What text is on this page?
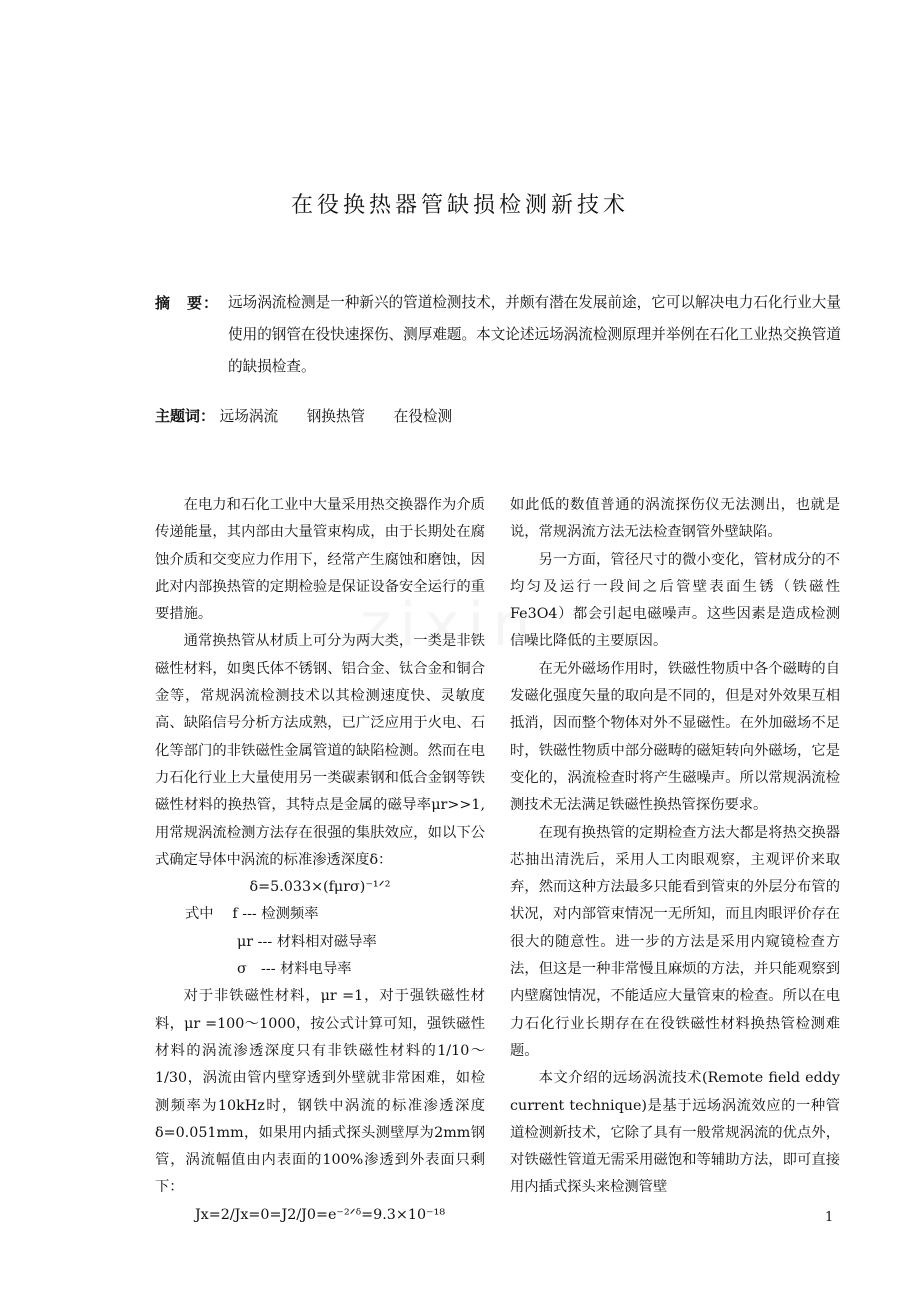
在役换热器管缺损检测新技术
摘　要： 远场涡流检测是一种新兴的管道检测技术，并颇有潜在发展前途，它可以解决电力石化行业大量使用的钢管在役快速探伤、测厚难题。本文论述远场涡流检测原理并举例在石化工业热交换管道的缺损检查。
主题词： 远场涡流 钢换热管 在役检测

在电力和石化工业中大量采用热交换器作为介质传递能量，其内部由大量管束构成，由于长期处在腐蚀介质和交变应力作用下，经常产生腐蚀和磨蚀，因此对内部换热管的定期检验是保证设备安全运行的重要措施。

通常换热管从材质上可分为两大类，一类是非铁磁性材料，如奥氏体不锈钢、铝合金、钛合金和铜合金等，常规涡流检测技术以其检测速度快、灵敏度高、缺陷信号分析方法成熟，已广泛应用于火电、石化等部门的非铁磁性金属管道的缺陷检测。然而在电力石化行业上大量使用另一类碳素钢和低合金钢等铁磁性材料的换热管，其特点是金属的磁导率μr>>1,用常规涡流检测方法存在很强的集肤效应，如以下公式确定导体中涡流的标准渗透深度δ：

δ=5.033×(fμrσ)⁻¹ᐟ²

式中　 f --- 检测频率

μr --- 材料相对磁导率

σ　--- 材料电导率

对于非铁磁性材料，μr =1，对于强铁磁性材料，μr =100～1000，按公式计算可知，强铁磁性材料的涡流渗透深度只有非铁磁性材料的1/10～1/30，涡流由管内壁穿透到外壁就非常困难，如检测频率为10kHz时，钢铁中涡流的标准渗透深度δ=0.051mm，如果用内插式探头测壁厚为2mm钢管，涡流幅值由内表面的100%渗透到外表面只剩下：

Jx=2/Jx=0=J2/J0=e⁻²ᐟᵟ=9.3×10⁻¹⁸

如此低的数值普通的涡流探伤仪无法测出，也就是说，常规涡流方法无法检查钢管外壁缺陷。

另一方面，管径尺寸的微小变化，管材成分的不均匀及运行一段间之后管壁表面生锈（铁磁性 Fe3O4）都会引起电磁噪声。这些因素是造成检测信噪比降低的主要原因。

在无外磁场作用时，铁磁性物质中各个磁畴的自发磁化强度矢量的取向是不同的，但是对外效果互相抵消，因而整个物体对外不显磁性。在外加磁场不足时，铁磁性物质中部分磁畴的磁矩转向外磁场，它是变化的，涡流检查时将产生磁噪声。所以常规涡流检测技术无法满足铁磁性换热管探伤要求。

在现有换热管的定期检查方法大都是将热交换器芯抽出清洗后，采用人工肉眼观察，主观评价来取弃，然而这种方法最多只能看到管束的外层分布管的状况，对内部管束情况一无所知，而且肉眼评价存在很大的随意性。进一步的方法是采用内窥镜检查方法，但这是一种非常慢且麻烦的方法，并只能观察到内壁腐蚀情况，不能适应大量管束的检查。所以在电力石化行业长期存在在役铁磁性材料换热管检测难题。

本文介绍的远场涡流技术(Remote field eddy current technique)是基于远场涡流效应的一种管道检测新技术，它除了具有一般常规涡流的优点外，对铁磁性管道无需采用磁饱和等辅助方法，即可直接用内插式探头来检测管壁

1
